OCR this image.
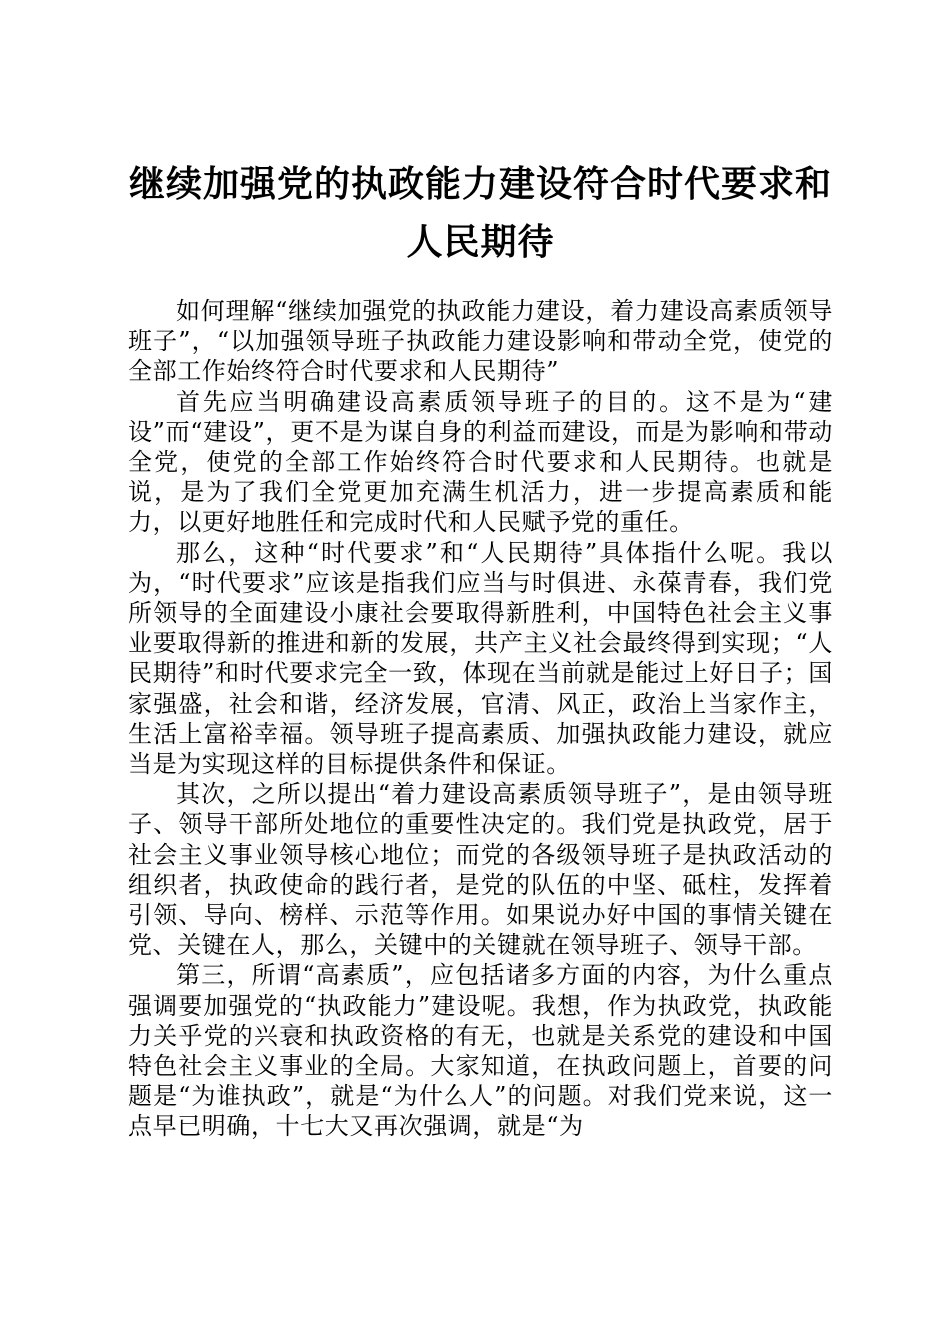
继续加强党的执政能力建设符合时代要求和人民期待

如何理解“继续加强党的执政能力建设，着力建设高素质领导班子”，“以加强领导班子执政能力建设影响和带动全党，使党的全部工作始终符合时代要求和人民期待”

首先应当明确建设高素质领导班子的目的。这不是为“建设”而“建设”，更不是为谋自身的利益而建设，而是为影响和带动全党，使党的全部工作始终符合时代要求和人民期待。也就是说，是为了我们全党更加充满生机活力，进一步提高素质和能力，以更好地胜任和完成时代和人民赋予党的重任。

那么，这种“时代要求”和“人民期待”具体指什么呢。我以为，“时代要求”应该是指我们应当与时俱进、永葆青春，我们党所领导的全面建设小康社会要取得新胜利，中国特色社会主义事业要取得新的推进和新的发展，共产主义社会最终得到实现；“人民期待”和时代要求完全一致，体现在当前就是能过上好日子；国家强盛，社会和谐，经济发展，官清、风正，政治上当家作主，生活上富裕幸福。领导班子提高素质、加强执政能力建设，就应当是为实现这样的目标提供条件和保证。

其次，之所以提出“着力建设高素质领导班子”，是由领导班子、领导干部所处地位的重要性决定的。我们党是执政党，居于社会主义事业领导核心地位；而党的各级领导班子是执政活动的组织者，执政使命的践行者，是党的队伍的中坚、砥柱，发挥着引领、导向、榜样、示范等作用。如果说办好中国的事情关键在党、关键在人，那么，关键中的关键就在领导班子、领导干部。

第三，所谓“高素质”，应包括诸多方面的内容，为什么重点强调要加强党的“执政能力”建设呢。我想，作为执政党，执政能力关乎党的兴衰和执政资格的有无，也就是关系党的建设和中国特色社会主义事业的全局。大家知道，在执政问题上，首要的问题是“为谁执政”，就是“为什么人”的问题。对我们党来说，这一点早已明确，十七大又再次强调，就是“为
